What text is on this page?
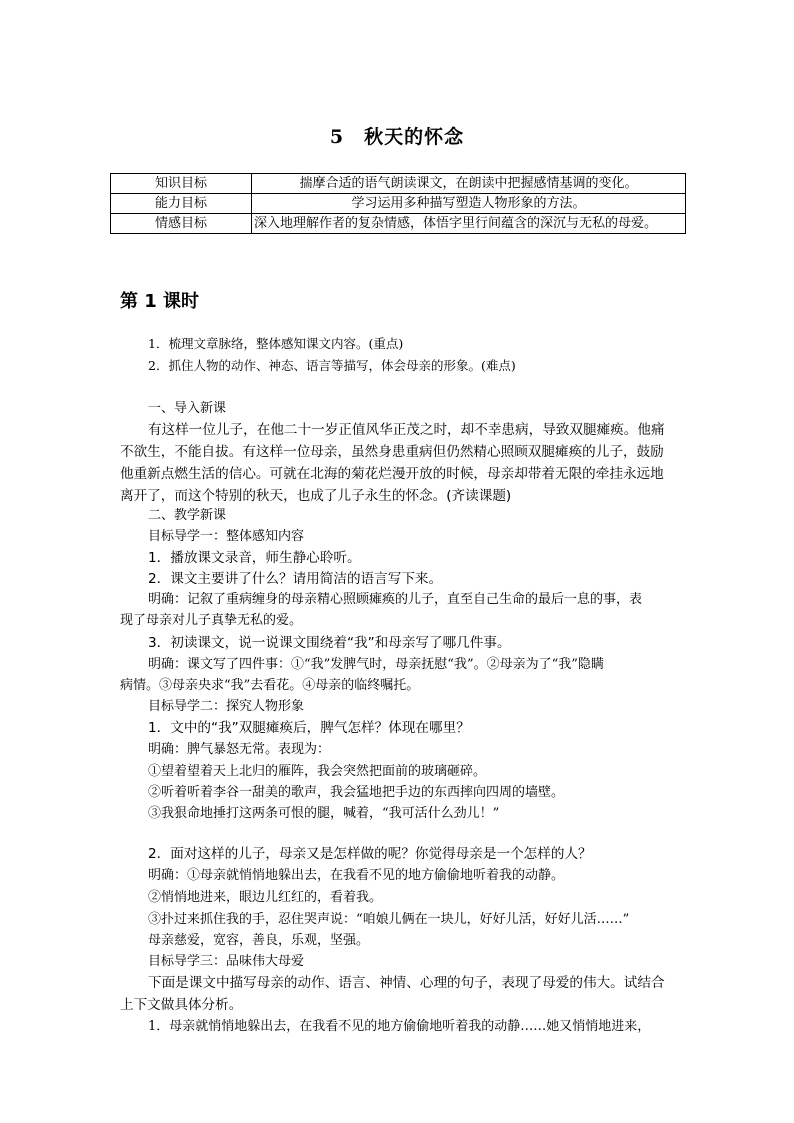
5　秋天的怀念
知识目标	揣摩合适的语气朗读课文，在朗读中把握感情基调的变化。
能力目标	学习运用多种描写塑造人物形象的方法。
情感目标	深入地理解作者的复杂情感，体悟字里行间蕴含的深沉与无私的母爱。
第 1 课时
1．梳理文章脉络，整体感知课文内容。(重点)
2．抓住人物的动作、神态、语言等描写，体会母亲的形象。(难点)
一、导入新课
有这样一位儿子，在他二十一岁正值风华正茂之时，却不幸患病，导致双腿瘫痪。他痛
不欲生，不能自拔。有这样一位母亲，虽然身患重病但仍然精心照顾双腿瘫痪的儿子，鼓励
他重新点燃生活的信心。可就在北海的菊花烂漫开放的时候，母亲却带着无限的牵挂永远地
离开了，而这个特别的秋天，也成了儿子永生的怀念。(齐读课题)
二、教学新课
目标导学一：整体感知内容
1．播放课文录音，师生静心聆听。
2．课文主要讲了什么？请用简洁的语言写下来。
明确：记叙了重病缠身的母亲精心照顾瘫痪的儿子，直至自己生命的最后一息的事，表
现了母亲对儿子真挚无私的爱。
3．初读课文，说一说课文围绕着“我”和母亲写了哪几件事。
明确：课文写了四件事：①“我”发脾气时，母亲抚慰“我”。②母亲为了“我”隐瞒
病情。③母亲央求“我”去看花。④母亲的临终嘱托。
目标导学二：探究人物形象
1．文中的“我”双腿瘫痪后，脾气怎样？体现在哪里？
明确：脾气暴怒无常。表现为：
①望着望着天上北归的雁阵，我会突然把面前的玻璃砸碎。
②听着听着李谷一甜美的歌声，我会猛地把手边的东西摔向四周的墙壁。
③我狠命地捶打这两条可恨的腿，喊着，“我可活什么劲儿！”
2．面对这样的儿子，母亲又是怎样做的呢？你觉得母亲是一个怎样的人？
明确：①母亲就悄悄地躲出去，在我看不见的地方偷偷地听着我的动静。
②悄悄地进来，眼边儿红红的，看着我。
③扑过来抓住我的手，忍住哭声说：“咱娘儿俩在一块儿，好好儿活，好好儿活……”
母亲慈爱，宽容，善良，乐观，坚强。
目标导学三：品味伟大母爱
下面是课文中描写母亲的动作、语言、神情、心理的句子，表现了母爱的伟大。试结合
上下文做具体分析。
1．母亲就悄悄地躲出去，在我看不见的地方偷偷地听着我的动静……她又悄悄地进来，
